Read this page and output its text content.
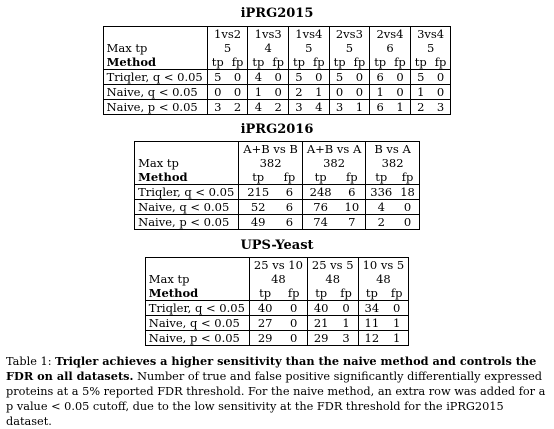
iPRG2015
	1vs2		1vs3		1vs4		2vs3		2vs4		3vs4	
Max tp	5		4		5		5		6		5	
Method	tp	fp	tp	fp	tp	fp	tp	fp	tp	fp	tp	fp
Triqler, q < 0.05	5	0	4	0	5	0	5	0	6	0	5	0
Naive, q < 0.05	0	0	1	0	2	1	0	0	1	0	1	0
Naive, p < 0.05	3	2	4	2	3	4	3	1	6	1	2	3
iPRG2016
	A+B vs B		A+B vs A		B vs A	
Max tp	382		382		382	
Method	tp	fp	tp	fp	tp	fp
Triqler, q < 0.05	215	6	248	6	336	18
Naive, q < 0.05	52	6	76	10	4	0
Naive, p < 0.05	49	6	74	7	2	0
UPS-Yeast
	25 vs 10		25 vs 5		10 vs 5	
Max tp	48		48		48	
Method	tp	fp	tp	fp	tp	fp
Triqler, q < 0.05	40	0	40	0	34	0
Naive, q < 0.05	27	0	21	1	11	1
Naive, p < 0.05	29	0	29	3	12	1
Table 1: Triqler achieves a higher sensitivity than the naive method and controls the FDR on all datasets. Number of true and false positive significantly differentially expressed proteins at a 5% reported FDR threshold. For the naive method, an extra row was added for a p value < 0.05 cutoff, due to the low sensitivity at the FDR threshold for the iPRG2015 dataset.
